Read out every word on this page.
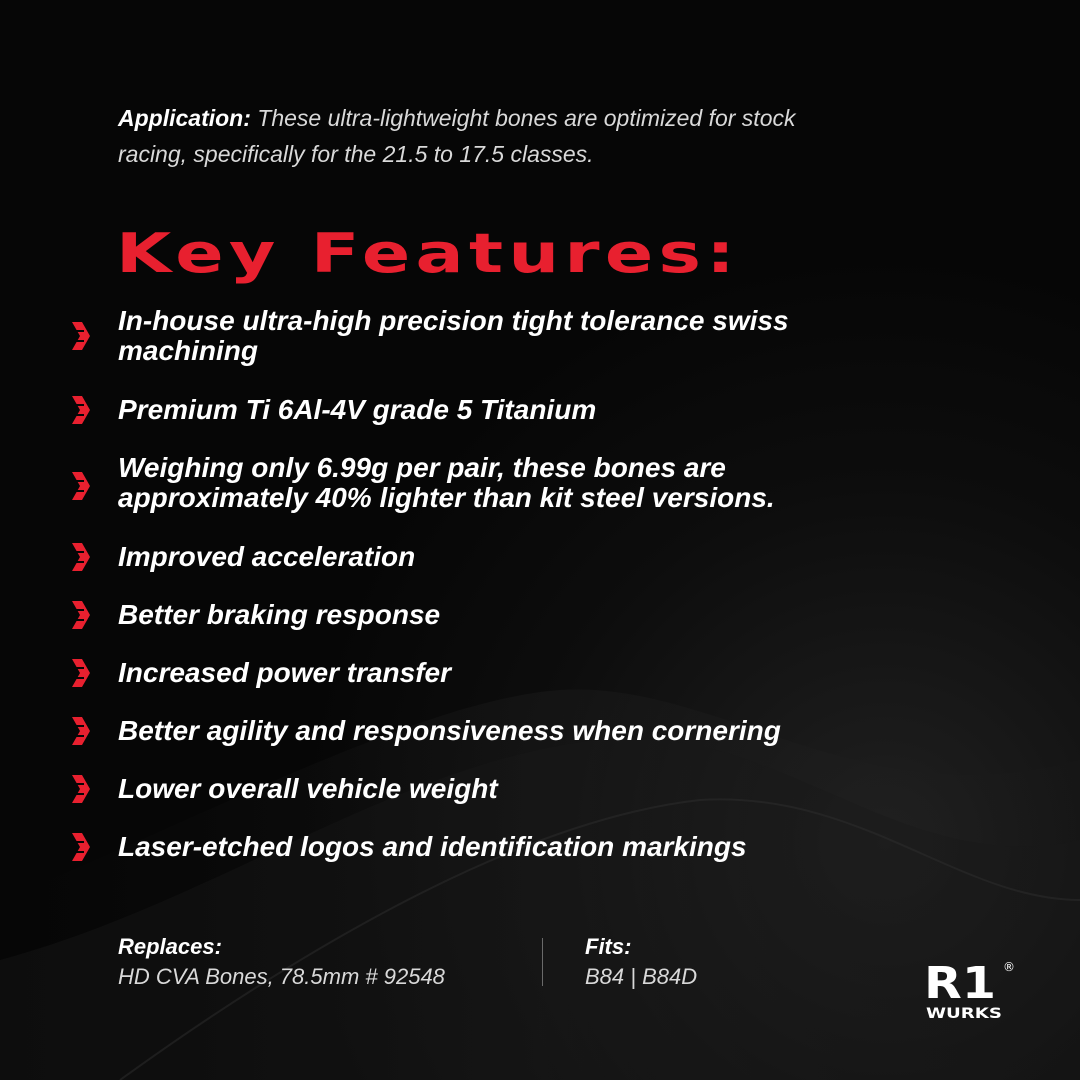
Application: These ultra-lightweight bones are optimized for stock racing, specifically for the 21.5 to 17.5 classes.
Key Features:
In-house ultra-high precision tight tolerance swiss machining
Premium Ti 6Al-4V grade 5 Titanium
Weighing only 6.99g per pair, these bones are approximately 40% lighter than kit steel versions.
Improved acceleration
Better braking response
Increased power transfer
Better agility and responsiveness when cornering
Lower overall vehicle weight
Laser-etched logos and identification markings
Replaces:
HD CVA Bones, 78.5mm # 92548
Fits:
B84 | B84D	R1 ®
WURKS
